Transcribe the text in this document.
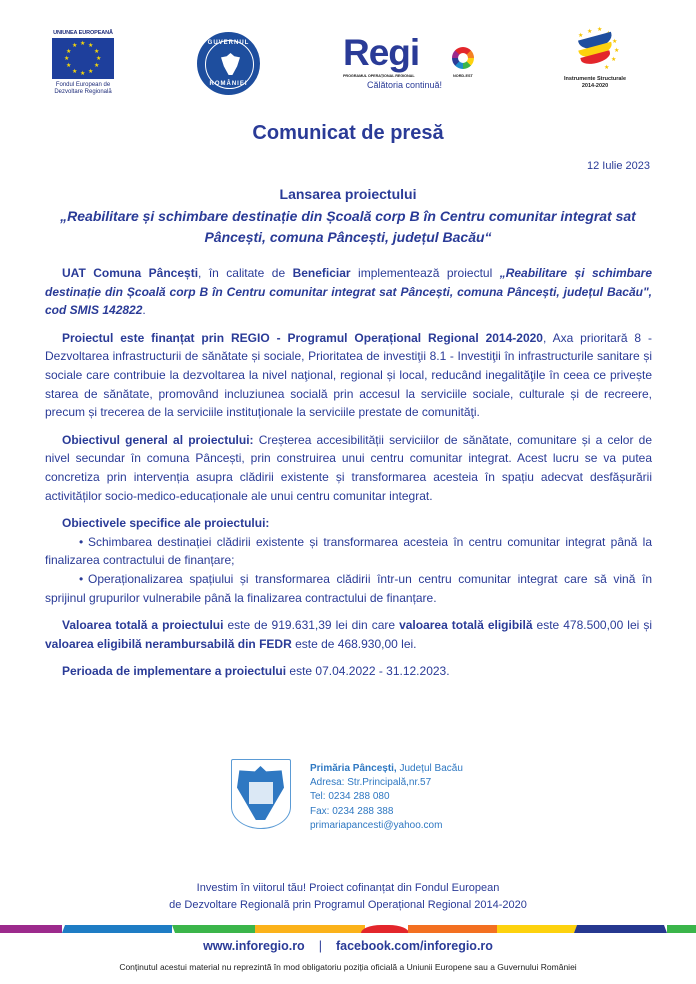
UNIUNEA EUROPEANĂ
★ ★
★
★
★
★
★
★
★
★
★
★
Fondul European de
Dezvoltare Regională
GUVERNUL
ROMÂNIEI
Regi
PROGRAMUL OPERAȚIONAL REGIONAL	NORD-EST
Călătoria continuă!
★ ★
★
★
★
★
★
Instrumente Structurale
2014-2020
Comunicat de presă
12 Iulie 2023
Lansarea proiectului
„Reabilitare și schimbare destinație din Școală corp B în Centru comunitar integrat sat Pâncești, comuna Pâncești, județul Bacău“

UAT Comuna Pâncești, în calitate de Beneficiar implementează proiectul „Reabilitare și schimbare destinație din Școală corp B în Centru comunitar integrat sat Pâncești, comuna Pâncești, județul Bacău", cod SMIS 142822.

Proiectul este finanțat prin REGIO - Programul Operațional Regional 2014-2020, Axa prioritară 8 - Dezvoltarea infrastructurii de sănătate și sociale, Prioritatea de investiţii 8.1 - Investiţii în infrastructurile sanitare și sociale care contribuie la dezvoltarea la nivel naţional, regional și local, reducând inegalităţile în ceea ce privește starea de sănătate, promovând incluziunea socială prin accesul la serviciile sociale, culturale și de recreere, precum și trecerea de la serviciile instituționale la serviciile prestate de comunităţi.

Obiectivul general al proiectului: Creșterea accesibilității serviciilor de sănătate, comunitare și a celor de nivel secundar în comuna Pâncești, prin construirea unui centru comunitar integrat. Acest lucru se va putea concretiza prin intervenția asupra clădirii existente și transformarea acesteia în spațiu adecvat desfășurării activităților socio-medico-educaționale ale unui centru comunitar integrat.

Obiectivele specifice ale proiectului:

• Schimbarea destinației clădirii existente și transformarea acesteia în centru comunitar integrat până la finalizarea contractului de finanțare;

• Operaționalizarea spațiului și transformarea clădirii într-un centru comunitar integrat care să vină în sprijinul grupurilor vulnerabile până la finalizarea contractului de finanțare.

Valoarea totală a proiectului este de 919.631,39 lei din care valoarea totală eligibilă este 478.500,00 lei și valoarea eligibilă nerambursabilă din FEDR este de 468.930,00 lei.

Perioada de implementare a proiectului este 07.04.2022 - 31.12.2023.

Primăria Pâncești, Județul Bacău
Adresa: Str.Principală,nr.57
Tel: 0234 288 080
Fax: 0234 288 388
primariapancesti@yahoo.com
Investim în viitorul tău! Proiect cofinanțat din Fondul European
de Dezvoltare Regională prin Programul Operațional Regional 2014-2020
www.inforegio.ro | facebook.com/inforegio.ro
Conținutul acestui material nu reprezintă în mod obligatoriu poziția oficială a Uniunii Europene sau a Guvernului României
